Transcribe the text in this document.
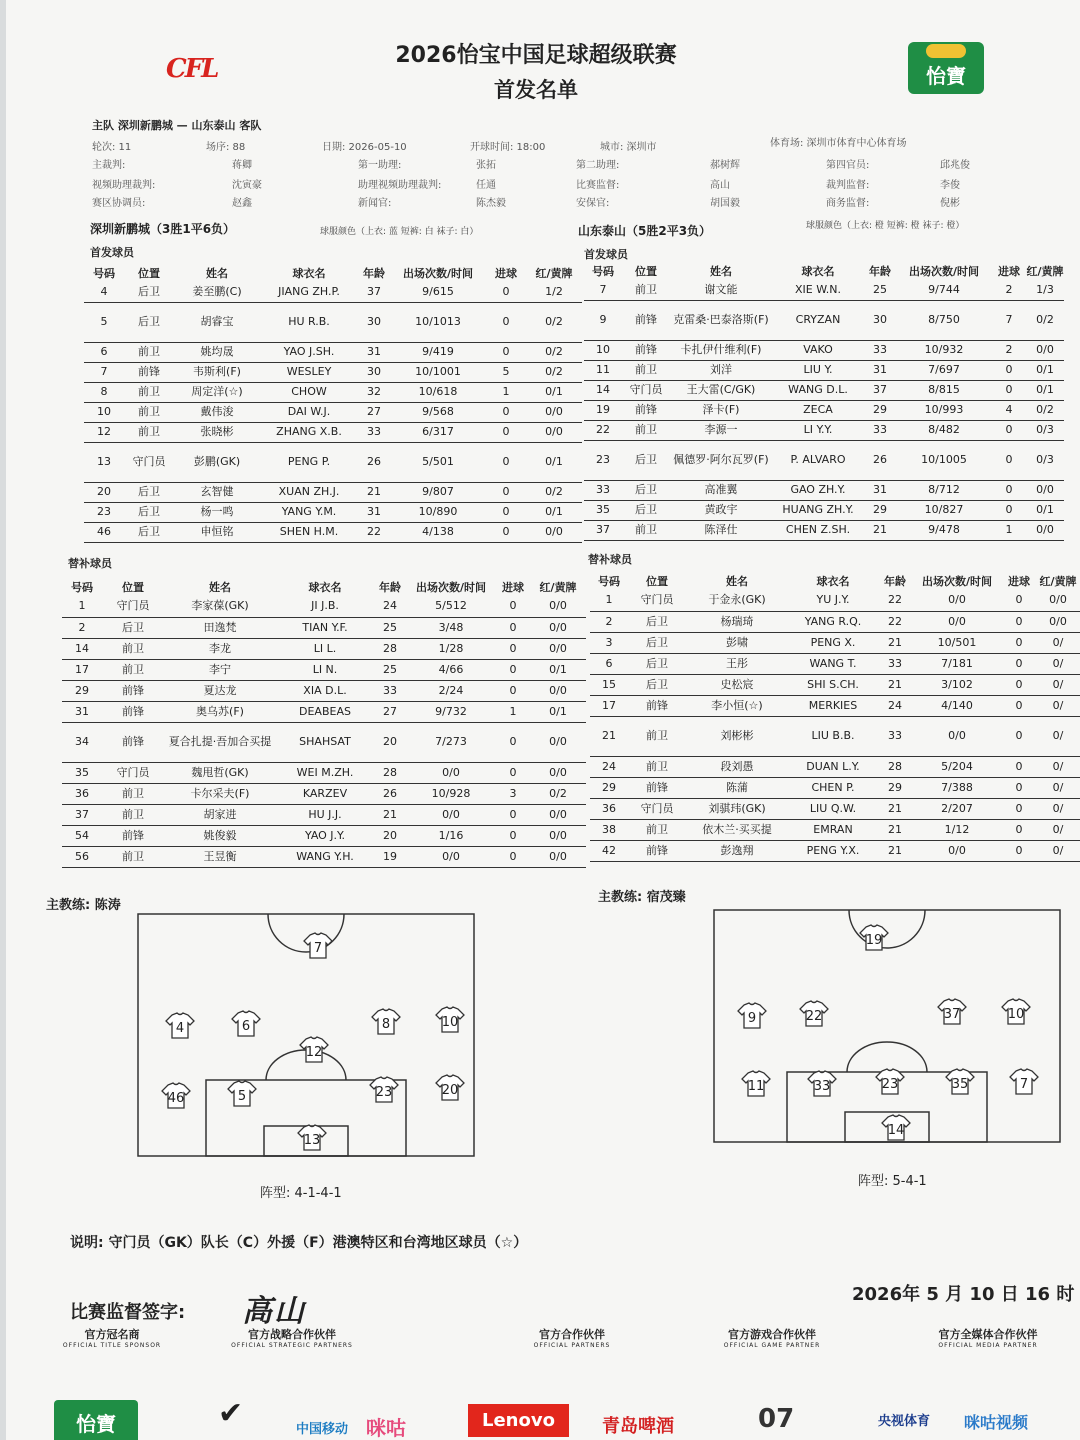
CFL	怡寶
2026怡宝中国足球超级联赛
首发名单
主队 深圳新鹏城 — 山东泰山 客队
轮次: 11	场序: 88	日期: 2026-05-10	开球时间: 18:00	城市: 深圳市	体育场: 深圳市体育中心体育场
主裁判:	蒋卿	第一助理:	张拓	第二助理:	郝树辉	第四官员:	邱兆俊
视频助理裁判:	沈寅豪	助理视频助理裁判:	任通	比赛监督:	高山	裁判监督:	李俊
赛区协调员:	赵鑫	新闻官:	陈杰毅	安保官:	胡国毅	商务监督:	倪彬
深圳新鹏城（3胜1平6负）	球服颜色（上衣: 蓝 短裤: 白 袜子: 白）	山东泰山（5胜2平3负）	球服颜色（上衣: 橙 短裤: 橙 袜子: 橙）
首发球员	首发球员
号码	位置	姓名	球衣名	年龄	出场次数/时间	进球	红/黄牌
4	后卫	姜至鹏(C)	JIANG ZH.P.	37	9/615	0	1/2
5	后卫	胡睿宝	HU R.B.	30	10/1013	0	0/2
6	前卫	姚均晟	YAO J.SH.	31	9/419	0	0/2
7	前锋	韦斯利(F)	WESLEY	30	10/1001	5	0/2
8	前卫	周定洋(☆)	CHOW	32	10/618	1	0/1
10	前卫	戴伟浚	DAI W.J.	27	9/568	0	0/0
12	前卫	张晓彬	ZHANG X.B.	33	6/317	0	0/0
13	守门员	彭鹏(GK)	PENG P.	26	5/501	0	0/1
20	后卫	玄智健	XUAN ZH.J.	21	9/807	0	0/2
23	后卫	杨一鸣	YANG Y.M.	31	10/890	0	0/1
46	后卫	申恒铭	SHEN H.M.	22	4/138	0	0/0
号码	位置	姓名	球衣名	年龄	出场次数/时间	进球	红/黄牌
7	前卫	谢文能	XIE W.N.	25	9/744	2	1/3
9	前锋	克雷桑·巴泰洛斯(F)	CRYZAN	30	8/750	7	0/2
10	前锋	卡扎伊什维利(F)	VAKO	33	10/932	2	0/0
11	前卫	刘洋	LIU Y.	31	7/697	0	0/1
14	守门员	王大雷(C/GK)	WANG D.L.	37	8/815	0	0/1
19	前锋	泽卡(F)	ZECA	29	10/993	4	0/2
22	前卫	李源一	LI Y.Y.	33	8/482	0	0/3
23	后卫	佩德罗·阿尔瓦罗(F)	P. ALVARO	26	10/1005	0	0/3
33	后卫	高准翼	GAO ZH.Y.	31	8/712	0	0/0
35	后卫	黄政宇	HUANG ZH.Y.	29	10/827	0	0/1
37	前卫	陈泽仕	CHEN Z.SH.	21	9/478	1	0/0
替补球员	替补球员
号码	位置	姓名	球衣名	年龄	出场次数/时间	进球	红/黄牌
1	守门员	李家葆(GK)	JI J.B.	24	5/512	0	0/0
2	后卫	田逸梵	TIAN Y.F.	25	3/48	0	0/0
14	前卫	李龙	LI L.	28	1/28	0	0/0
17	前卫	李宁	LI N.	25	4/66	0	0/1
29	前锋	夏达龙	XIA D.L.	33	2/24	0	0/0
31	前锋	奥乌苏(F)	DEABEAS	27	9/732	1	0/1
34	前锋	夏合扎提·吾加合买提	SHAHSAT	20	7/273	0	0/0
35	守门员	魏甩哲(GK)	WEI M.ZH.	28	0/0	0	0/0
36	前卫	卡尔采夫(F)	KARZEV	26	10/928	3	0/2
37	前卫	胡家进	HU J.J.	21	0/0	0	0/0
54	前锋	姚俊毅	YAO J.Y.	20	1/16	0	0/0
56	前卫	王昱衡	WANG Y.H.	19	0/0	0	0/0
号码	位置	姓名	球衣名	年龄	出场次数/时间	进球	红/黄牌
1	守门员	于金永(GK)	YU J.Y.	22	0/0	0	0/0
2	后卫	杨瑞琦	YANG R.Q.	22	0/0	0	0/0
3	后卫	彭啸	PENG X.	21	10/501	0	0/
6	后卫	王彤	WANG T.	33	7/181	0	0/
15	后卫	史松宸	SHI S.CH.	21	3/102	0	0/
17	前锋	李小恒(☆)	MERKIES	24	4/140	0	0/
21	前卫	刘彬彬	LIU B.B.	33	0/0	0	0/
24	前卫	段刘愚	DUAN L.Y.	28	5/204	0	0/
29	前锋	陈蒲	CHEN P.	29	7/388	0	0/
36	守门员	刘骐玮(GK)	LIU Q.W.	21	2/207	0	0/
38	前卫	依木兰·买买提	EMRAN	21	1/12	0	0/
42	前锋	彭逸翔	PENG Y.X.	21	0/0	0	0/
主教练: 陈涛
主教练: 宿茂臻
7
4	6	8	10
12
46	5	23	20
13
19
9	22	37	10
11	33	23	35	7
14
阵型: 4-1-4-1
阵型: 5-4-1
说明: 守门员（GK）队长（C）外援（F）港澳特区和台湾地区球员（☆）
比赛监督签字: 高山	2026年 5 月 10 日 16 时
官方冠名商
OFFICIAL TITLE SPONSOR
官方战略合作伙伴
OFFICIAL STRATEGIC PARTNERS
官方合作伙伴
OFFICIAL PARTNERS
官方游戏合作伙伴
OFFICIAL GAME PARTNER
官方全媒体合作伙伴
OFFICIAL MEDIA PARTNER
怡寶	✔	中国移动 咪咕	Lenovo	青岛啤酒	07	央视体育 咪咕视频
